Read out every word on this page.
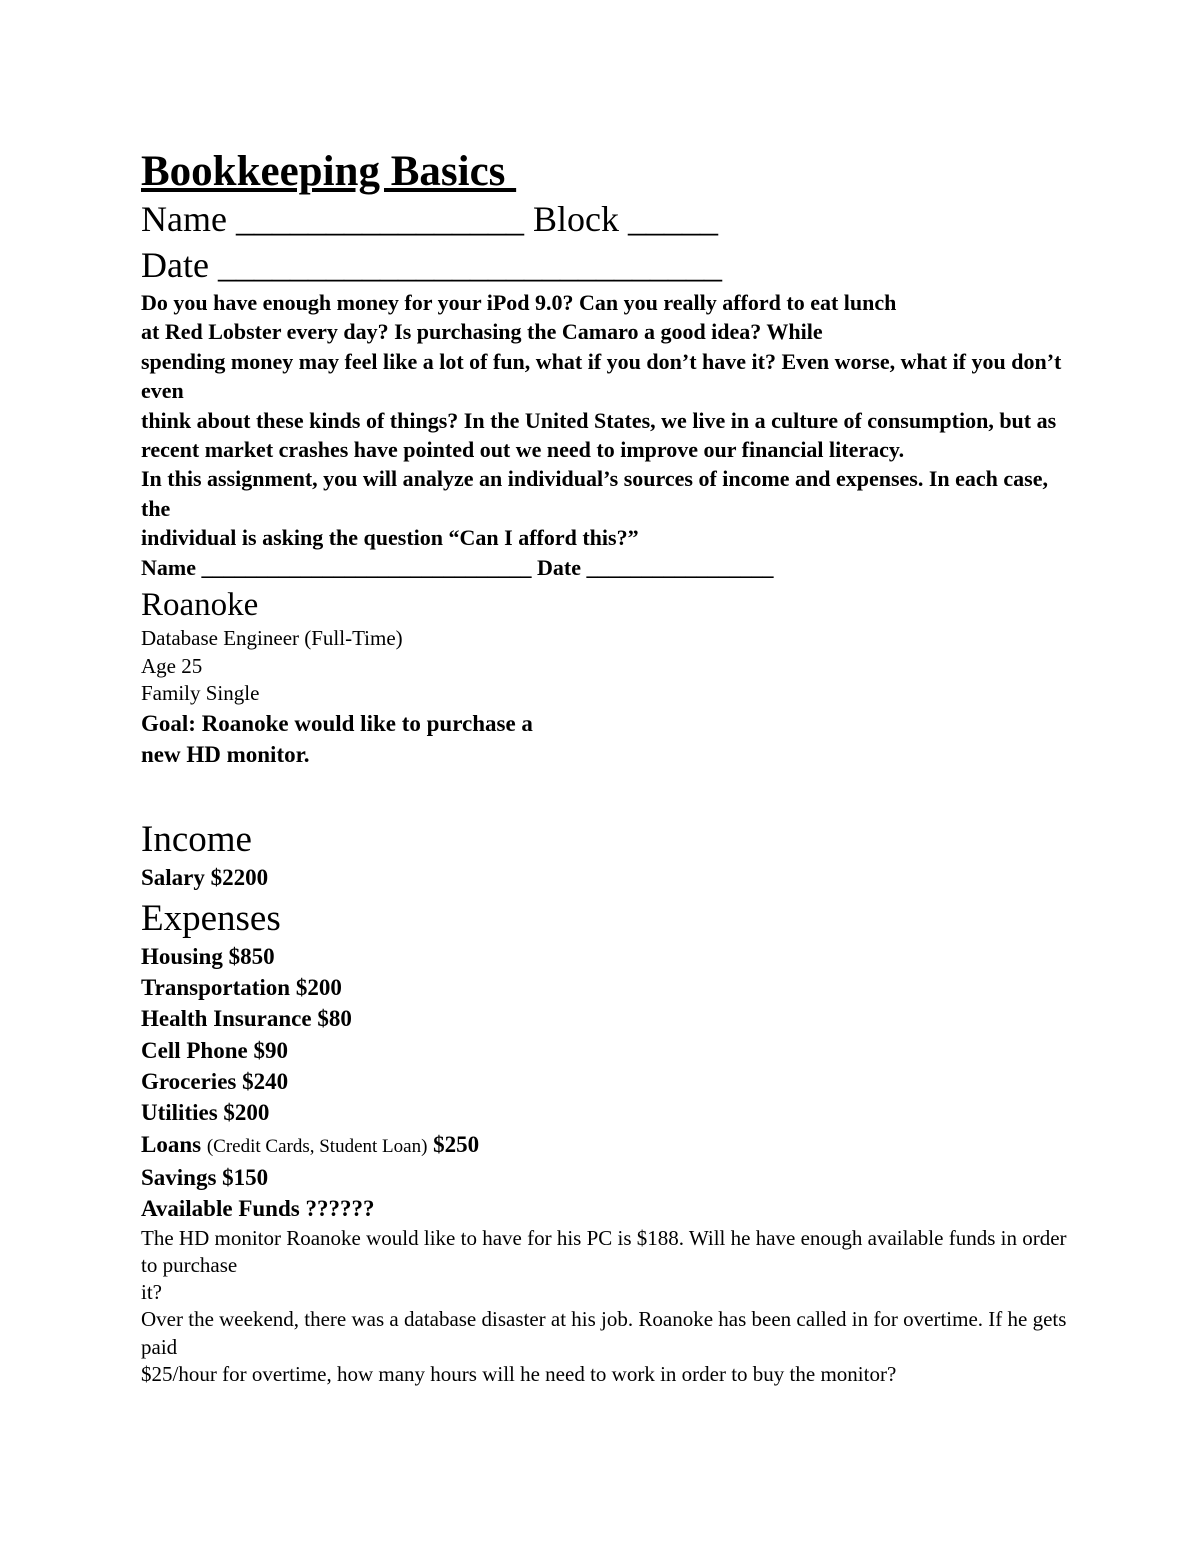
Bookkeeping Basics
Name ________________ Block _____
Date ____________________________

Do you have enough money for your iPod 9.0? Can you really afford to eat lunch

at Red Lobster every day? Is purchasing the Camaro a good idea? While

spending money may feel like a lot of fun, what if you don’t have it? Even worse, what if you don’t even

think about these kinds of things? In the United States, we live in a culture of consumption, but as

recent market crashes have pointed out we need to improve our financial literacy.

In this assignment, you will analyze an individual’s sources of income and expenses. In each case, the

individual is asking the question “Can I afford this?”

Name ______________________________ Date _________________

Roanoke
Database Engineer (Full-Time)
Age 25
Family Single
Goal: Roanoke would like to purchase a
new HD monitor.
Income
Salary $2200
Expenses
Housing $850
Transportation $200
Health Insurance $80
Cell Phone $90
Groceries $240
Utilities $200
Loans (Credit Cards, Student Loan) $250
Savings $150
Available Funds ??????

The HD monitor Roanoke would like to have for his PC is $188. Will he have enough available funds in order to purchase

it?

Over the weekend, there was a database disaster at his job. Roanoke has been called in for overtime. If he gets paid

$25/hour for overtime, how many hours will he need to work in order to buy the monitor?
